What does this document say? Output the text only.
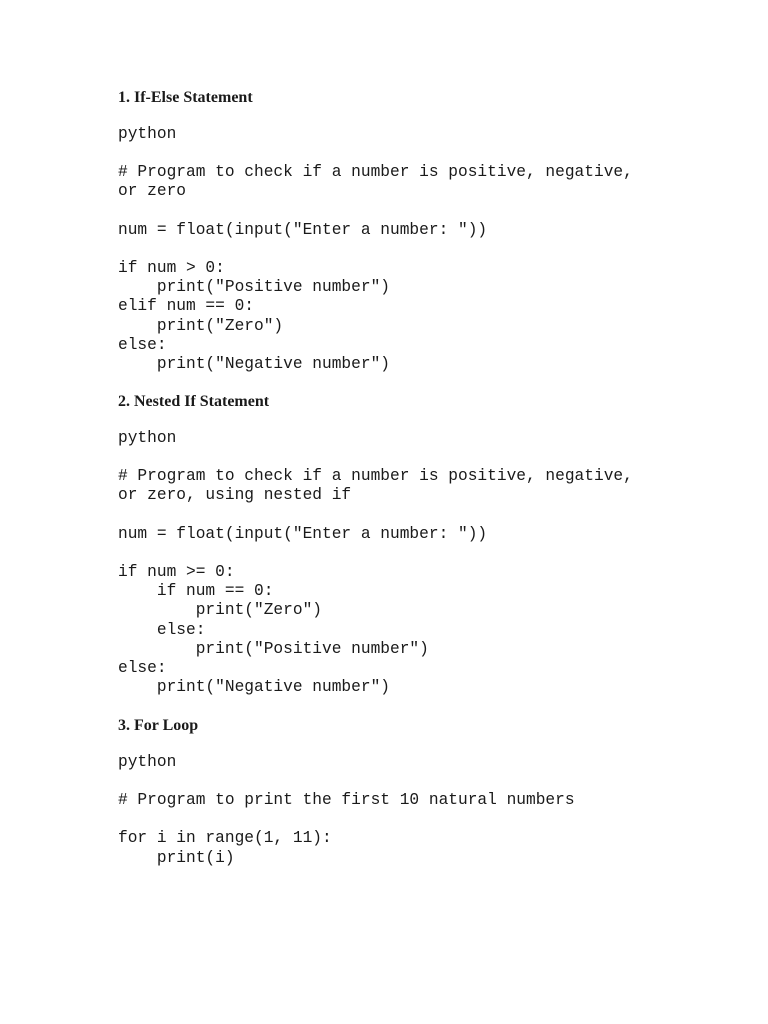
1. If-Else Statement
python
# Program to check if a number is positive, negative,
or zero
num = float(input("Enter a number: "))
if num > 0:
print("Positive number")
elif num == 0:
print("Zero")
else:
print("Negative number")
2. Nested If Statement
python
# Program to check if a number is positive, negative,
or zero, using nested if
num = float(input("Enter a number: "))
if num >= 0:
if num == 0:
print("Zero")
else:
print("Positive number")
else:
print("Negative number")
3. For Loop
python
# Program to print the first 10 natural numbers
for i in range(1, 11):
print(i)
